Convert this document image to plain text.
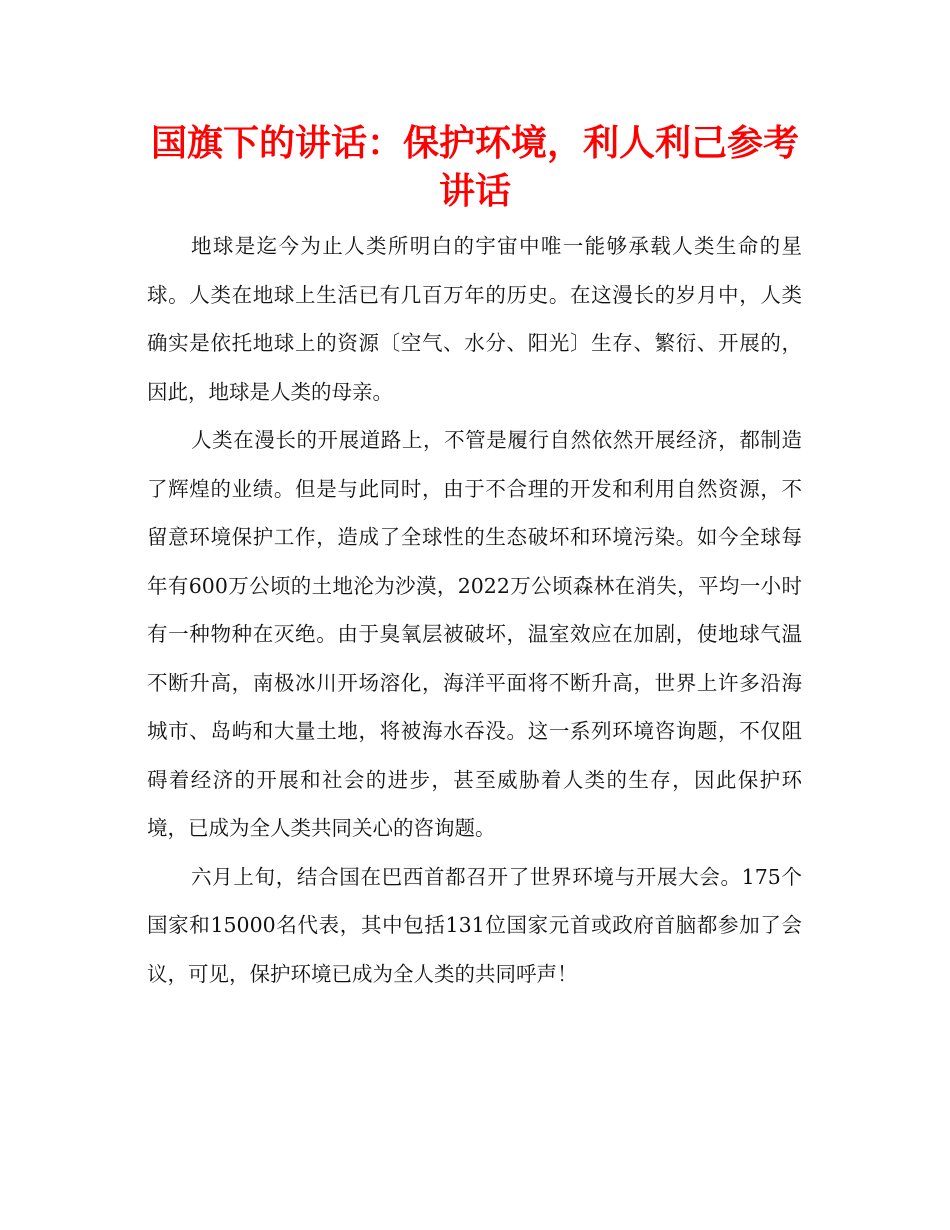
国旗下的讲话：保护环境，利人利己参考讲话

地球是迄今为止人类所明白的宇宙中唯一能够承载人类生命的星球。人类在地球上生活已有几百万年的历史。在这漫长的岁月中，人类确实是依托地球上的资源〔空气、水分、阳光〕生存、繁衍、开展的，因此，地球是人类的母亲。

人类在漫长的开展道路上，不管是履行自然依然开展经济，都制造了辉煌的业绩。但是与此同时，由于不合理的开发和利用自然资源，不留意环境保护工作，造成了全球性的生态破坏和环境污染。如今全球每年有600万公顷的土地沦为沙漠，2022万公顷森林在消失，平均一小时有一种物种在灭绝。由于臭氧层被破坏，温室效应在加剧，使地球气温不断升高，南极冰川开场溶化，海洋平面将不断升高，世界上许多沿海城市、岛屿和大量土地，将被海水吞没。这一系列环境咨询题，不仅阻碍着经济的开展和社会的进步，甚至威胁着人类的生存，因此保护环境，已成为全人类共同关心的咨询题。

六月上旬，结合国在巴西首都召开了世界环境与开展大会。175个国家和15000名代表，其中包括131位国家元首或政府首脑都参加了会议，可见，保护环境已成为全人类的共同呼声！
